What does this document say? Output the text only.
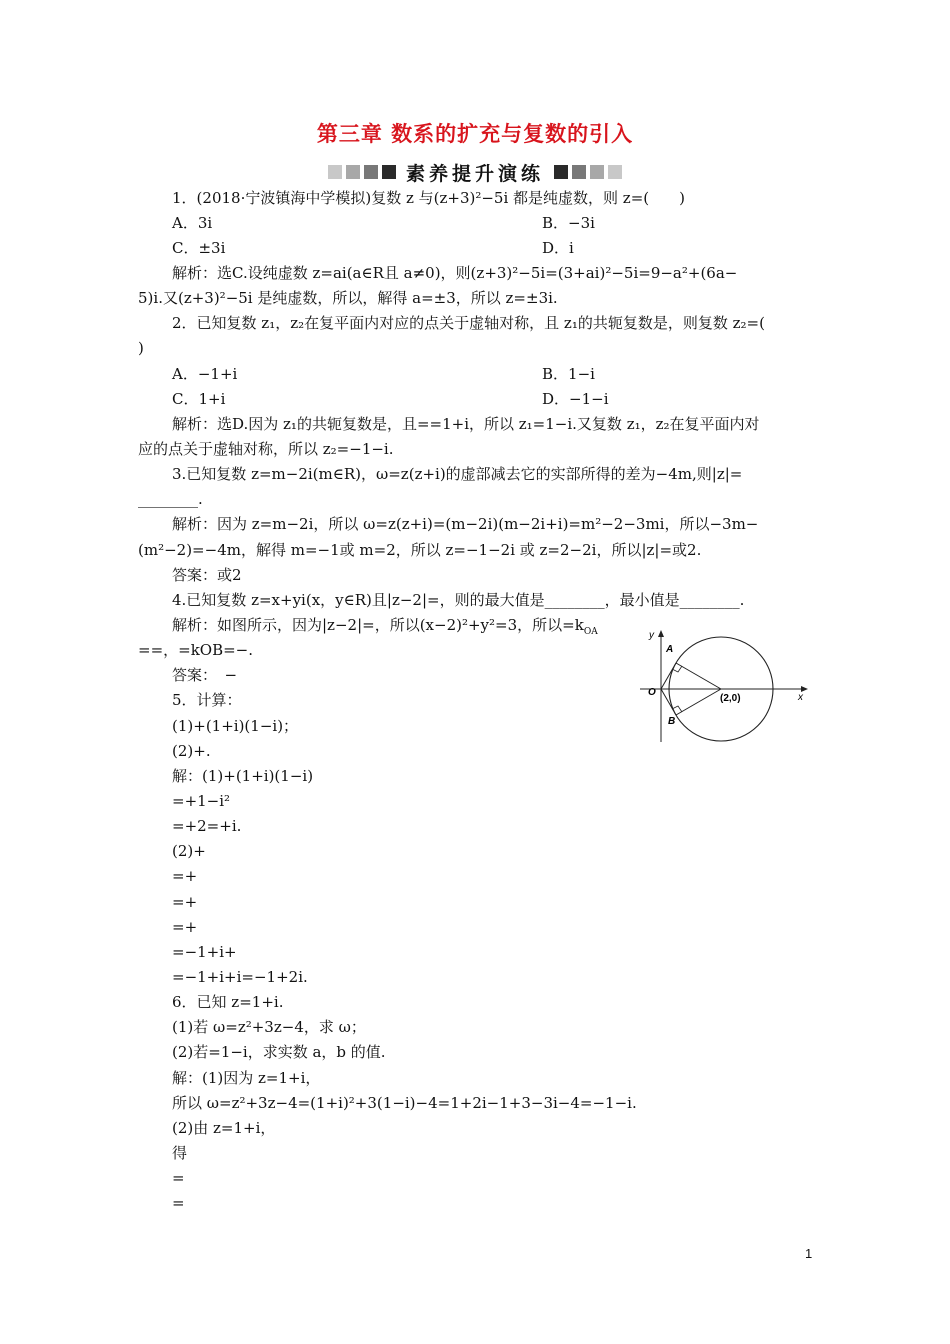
第三章 数系的扩充与复数的引入
素养提升演练
1．(2018·宁波镇海中学模拟)复数 z 与(z+3)²−5i 都是纯虚数，则 z=(　　)
A．3i	B．−3i
C．±3i	D．i
解析：选C.设纯虚数 z=ai(a∈R且 a≠0)，则(z+3)²−5i=(3+ai)²−5i=9−a²+(6a−
5)i.又(z+3)²−5i 是纯虚数，所以，解得 a=±3，所以 z=±3i.
2．已知复数 z₁，z₂在复平面内对应的点关于虚轴对称，且 z₁的共轭复数是，则复数 z₂=(
)
A．−1+i	B．1−i
C．1+i	D．−1−i
解析：选D.因为 z₁的共轭复数是，且==1+i，所以 z₁=1−i.又复数 z₁，z₂在复平面内对
应的点关于虚轴对称，所以 z₂=−1−i.
3.已知复数 z=m−2i(m∈R)，ω=z(z+i)的虚部减去它的实部所得的差为−4m,则|z|=
________.
解析：因为 z=m−2i，所以 ω=z(z+i)=(m−2i)(m−2i+i)=m²−2−3mi，所以−3m−
(m²−2)=−4m，解得 m=−1或 m=2，所以 z=−1−2i 或 z=2−2i，所以|z|=或2.
答案：或2
4.已知复数 z=x+yi(x，y∈R)且|z−2|=，则的最大值是________，最小值是________.
解析：如图所示，因为|z−2|=，所以(x−2)²+y²=3，所以$=k_{OA}$
==，=kOB=−.
答案：　−
5．计算：
(1)+(1+i)(1−i)；
(2)+.
解：(1)+(1+i)(1−i)
=+1−i²
=+2=+i.
(2)+
=+
=+
=+
=−1+i+
=−1+i+i=−1+2i.
6．已知 z=1+i.
(1)若 ω=z²+3z−4，求 ω；
(2)若=1−i，求实数 a，b 的值.
解：(1)因为 z=1+i，
所以 ω=z²+3z−4=(1+i)²+3(1−i)−4=1+2i−1+3−3i−4=−1−i.
(2)由 z=1+i，
得
=
=
y
x
O
A
B
(2,0)
1
